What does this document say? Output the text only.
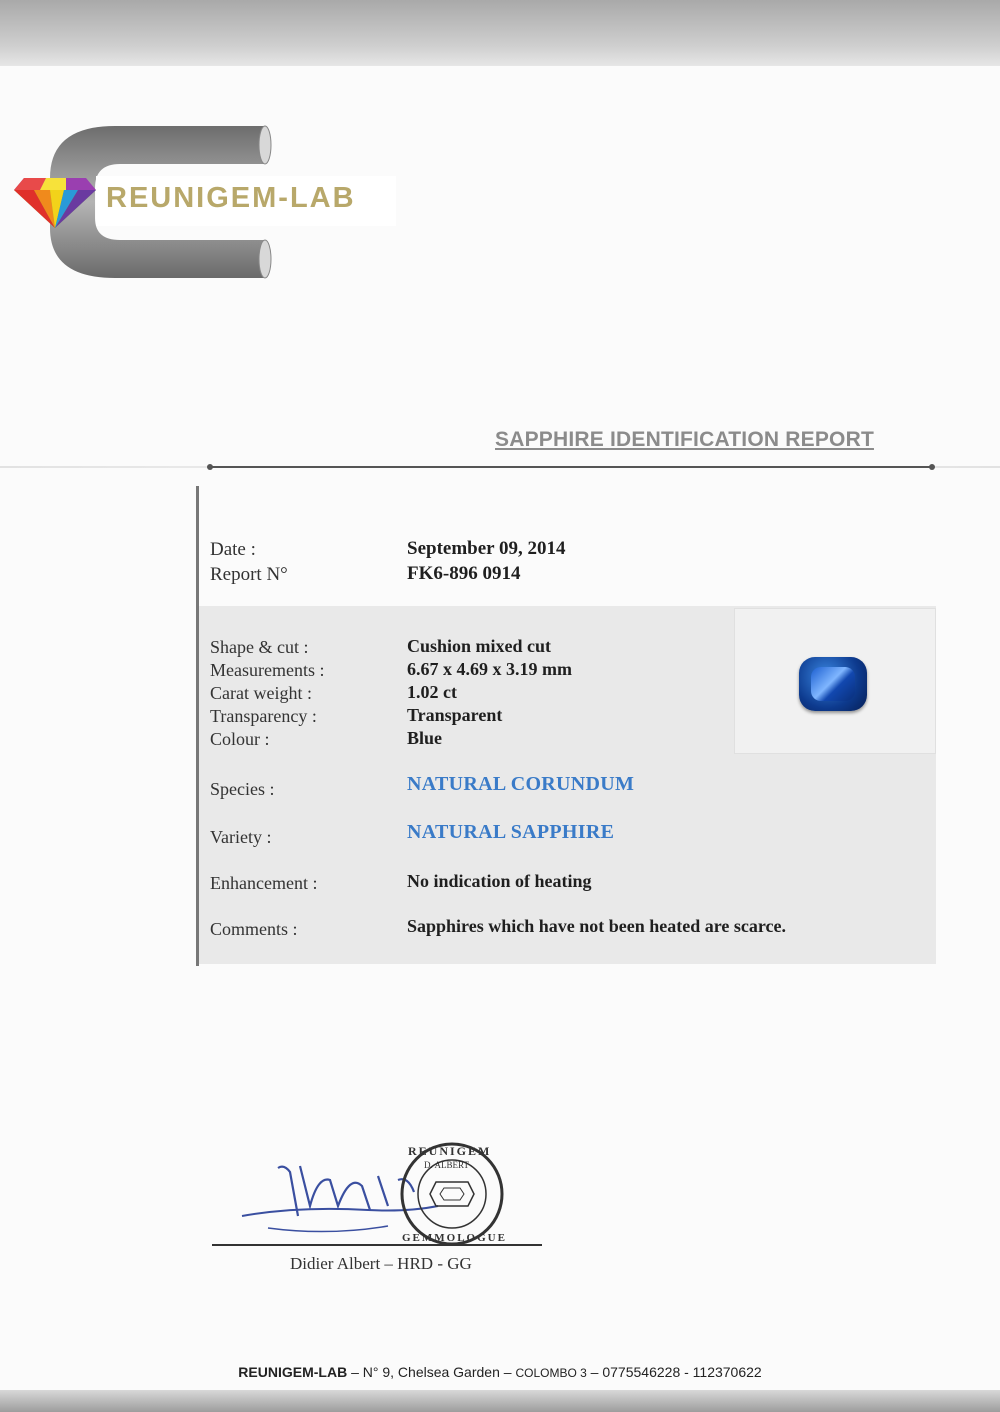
REUNIGEM-LAB
SAPPHIRE IDENTIFICATION REPORT
Date :	September 09, 2014
Report N°	FK6-896 0914
Shape & cut :	Cushion mixed cut
Measurements :	6.67 x 4.69 x 3.19 mm
Carat weight :	1.02 ct
Transparency :	Transparent
Colour :	Blue
Species :	NATURAL CORUNDUM
Variety :	NATURAL SAPPHIRE
Enhancement :	No indication of heating
Comments :	Sapphires which have not been heated are scarce.
REUNIGEM
D. ALBERT
GEMMOLOGUE
Didier Albert – HRD - GG
REUNIGEM-LAB – N° 9, Chelsea Garden – COLOMBO 3 – 0775546228 - 112370622
